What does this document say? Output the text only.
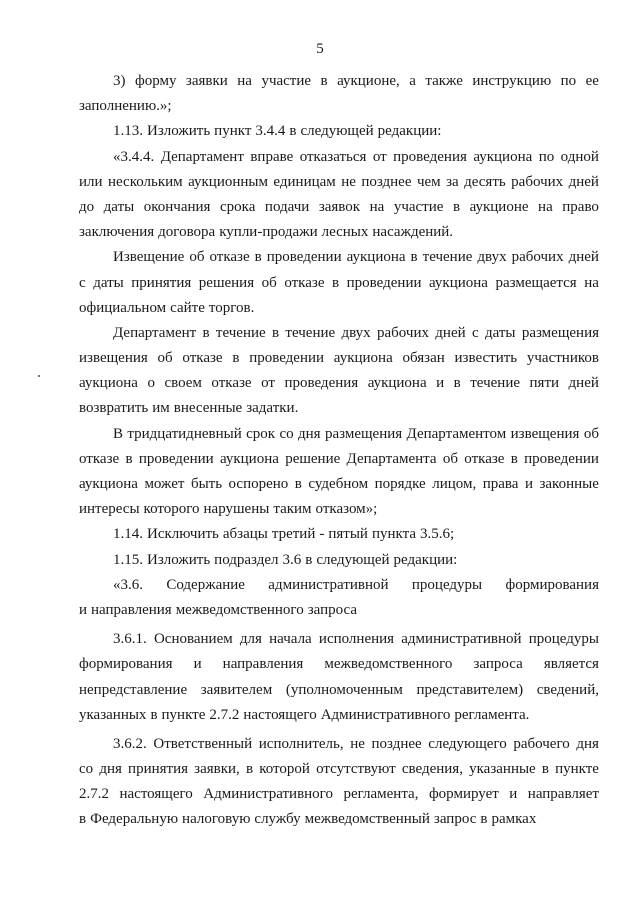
5
3) форму заявки на участие в аукционе, а также инструкцию по ее
заполнению.»;
1.13. Изложить пункт 3.4.4 в следующей редакции:
«3.4.4. Департамент вправе отказаться от проведения аукциона по одной
или нескольким аукционным единицам не позднее чем за десять рабочих дней
до даты окончания срока подачи заявок на участие в аукционе на право
заключения договора купли-продажи лесных насаждений.
Извещение об отказе в проведении аукциона в течение двух рабочих дней
с даты принятия решения об отказе в проведении аукциона размещается на
официальном сайте торгов.
Департамент в течение в течение двух рабочих дней с даты размещения
извещения об отказе в проведении аукциона обязан известить участников
аукциона о своем отказе от проведения аукциона и в течение пяти дней
возвратить им внесенные задатки.
В тридцатидневный срок со дня размещения Департаментом извещения об
отказе в проведении аукциона решение Департамента об отказе в проведении
аукциона может быть оспорено в судебном порядке лицом, права и законные
интересы которого нарушены таким отказом»;
1.14. Исключить абзацы третий - пятый пункта 3.5.6;
1.15. Изложить подраздел 3.6 в следующей редакции:
«3.6. Содержание административной процедуры формирования
и направления межведомственного запроса
3.6.1. Основанием для начала исполнения административной процедуры
формирования и направления межведомственного запроса является
непредставление заявителем (уполномоченным представителем) сведений,
указанных в пункте 2.7.2 настоящего Административного регламента.
3.6.2. Ответственный исполнитель, не позднее следующего рабочего дня
со дня принятия заявки, в которой отсутствуют сведения, указанные в пункте
2.7.2 настоящего Административного регламента, формирует и направляет
в Федеральную налоговую службу межведомственный запрос в рамках
